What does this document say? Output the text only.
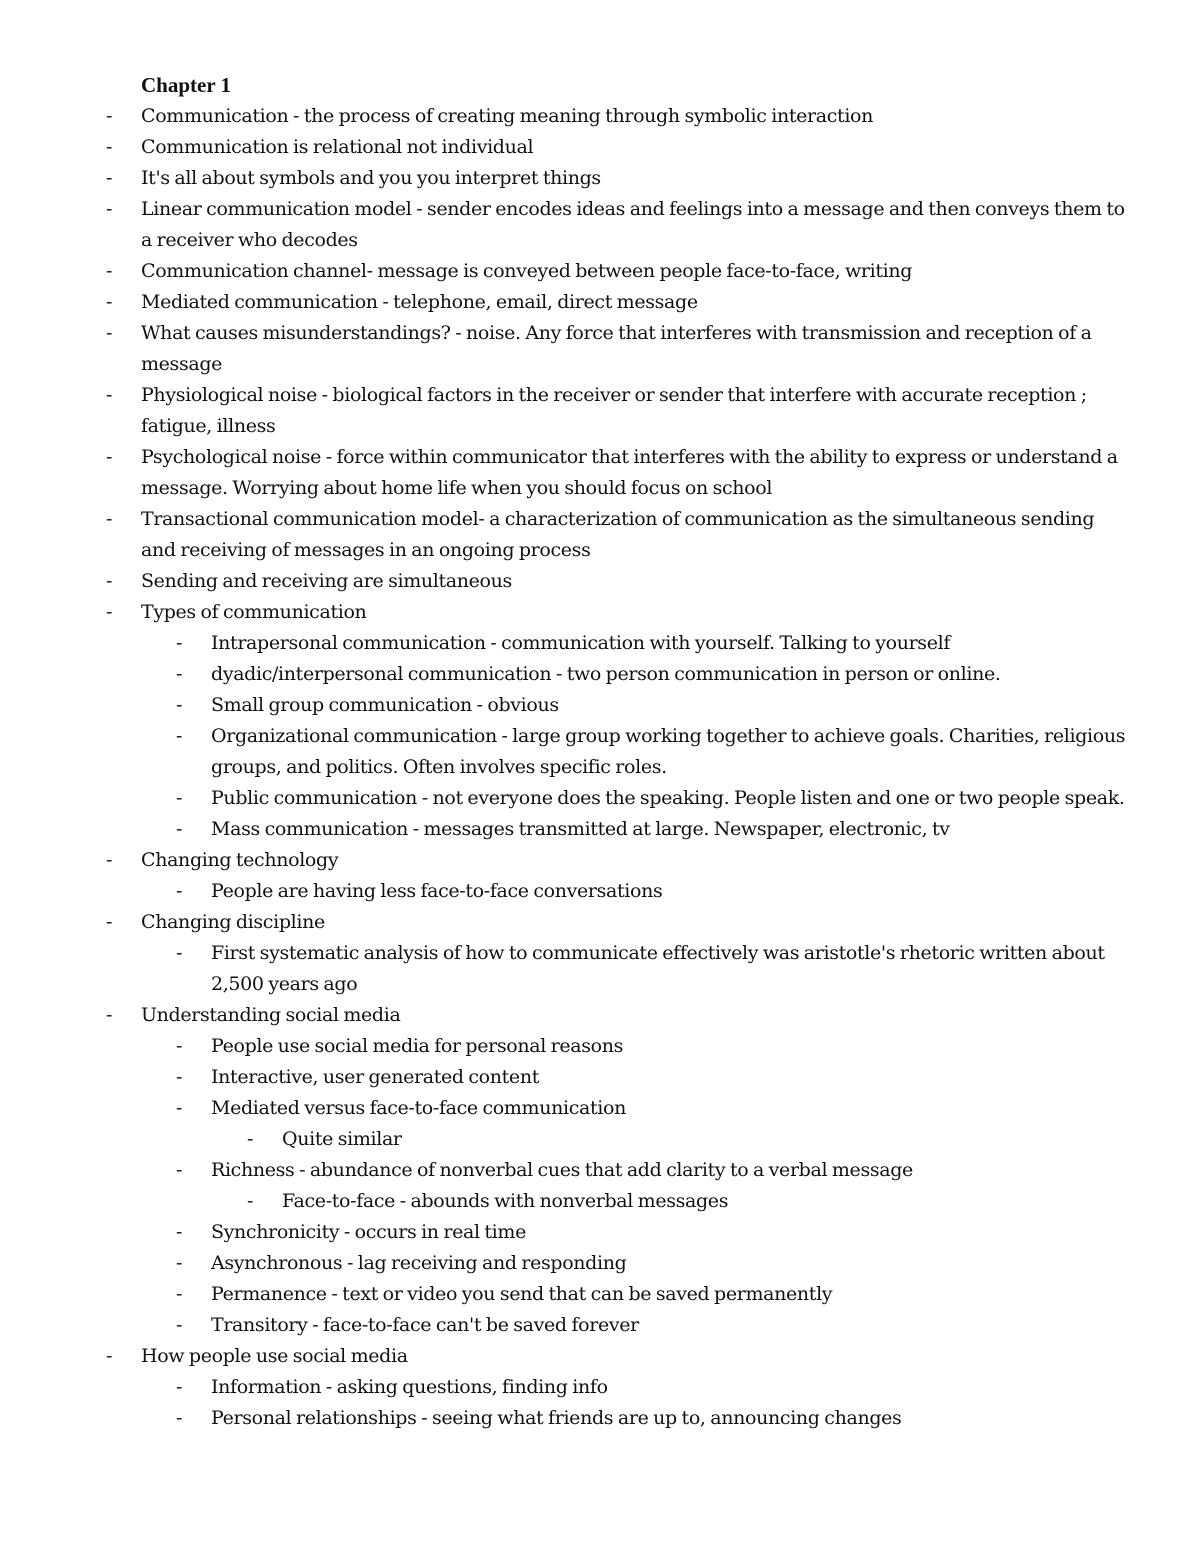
Chapter 1
- Communication - the process of creating meaning through symbolic interaction
- Communication is relational not individual
- It's all about symbols and you you interpret things
- Linear communication model - sender encodes ideas and feelings into a message and then conveys them to a receiver who decodes
- Communication channel- message is conveyed between people face-to-face, writing
- Mediated communication - telephone, email, direct message
- What causes misunderstandings? - noise. Any force that interferes with transmission and reception of a message
- Physiological noise - biological factors in the receiver or sender that interfere with accurate reception ; fatigue, illness
- Psychological noise - force within communicator that interferes with the ability to express or understand a message. Worrying about home life when you should focus on school
- Transactional communication model- a characterization of communication as the simultaneous sending and receiving of messages in an ongoing process
- Sending and receiving are simultaneous
- Types of communication
- Intrapersonal communication - communication with yourself. Talking to yourself
- dyadic/interpersonal communication - two person communication in person or online.
- Small group communication - obvious
- Organizational communication - large group working together to achieve goals. Charities, religious groups, and politics. Often involves specific roles.
- Public communication - not everyone does the speaking. People listen and one or two people speak.
- Mass communication - messages transmitted at large. Newspaper, electronic, tv
- Changing technology
- People are having less face-to-face conversations
- Changing discipline
- First systematic analysis of how to communicate effectively was aristotle's rhetoric written about 2,500 years ago
- Understanding social media
- People use social media for personal reasons
- Interactive, user generated content
- Mediated versus face-to-face communication
- Quite similar
- Richness - abundance of nonverbal cues that add clarity to a verbal message
- Face-to-face - abounds with nonverbal messages
- Synchronicity - occurs in real time
- Asynchronous - lag receiving and responding
- Permanence - text or video you send that can be saved permanently
- Transitory - face-to-face can't be saved forever
- How people use social media
- Information - asking questions, finding info
- Personal relationships - seeing what friends are up to, announcing changes
